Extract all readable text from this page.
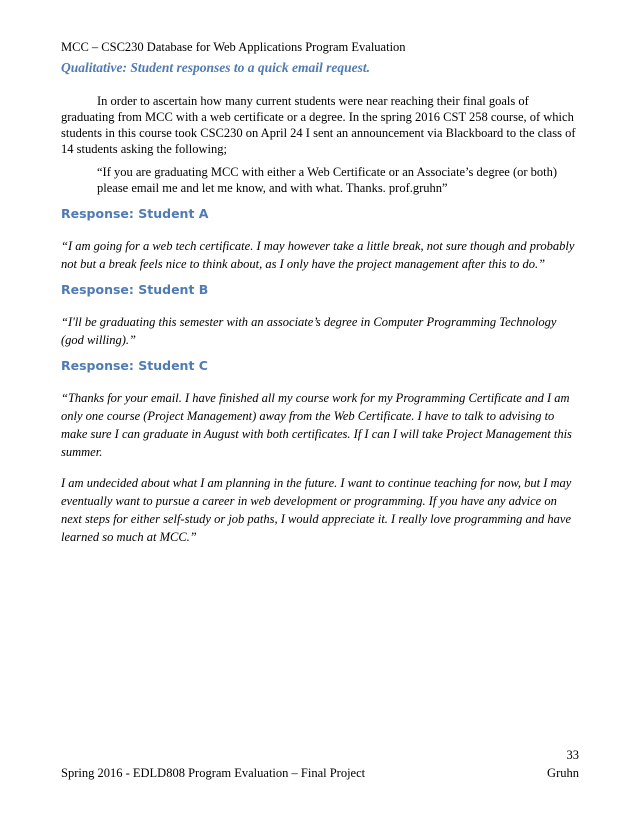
MCC – CSC230 Database for Web Applications Program Evaluation
Qualitative: Student responses to a quick email request.
In order to ascertain how many current students were near reaching their final goals of
graduating from MCC with a web certificate or a degree. In the spring 2016 CST 258 course, of which
students in this course took CSC230 on April 24 I sent an announcement via Blackboard to the class of
14 students asking the following;
“If you are graduating MCC with either a Web Certificate or an Associate’s degree (or both)
please email me and let me know, and with what. Thanks. prof.gruhn”
Response: Student A
“I am going for a web tech certificate. I may however take a little break, not sure though and probably
not but a break feels nice to think about, as I only have the project management after this to do.”
Response: Student B
“I'll be graduating this semester with an associate’s degree in Computer Programming Technology
(god willing).”
Response: Student C
“Thanks for your email. I have finished all my course work for my Programming Certificate and I am
only one course (Project Management) away from the Web Certificate. I have to talk to advising to
make sure I can graduate in August with both certificates. If I can I will take Project Management this
summer.
I am undecided about what I am planning in the future. I want to continue teaching for now, but I may
eventually want to pursue a career in web development or programming. If you have any advice on
next steps for either self-study or job paths, I would appreciate it. I really love programming and have
learned so much at MCC.”
33
Spring 2016 - EDLD808 Program Evaluation – Final Project	Gruhn
